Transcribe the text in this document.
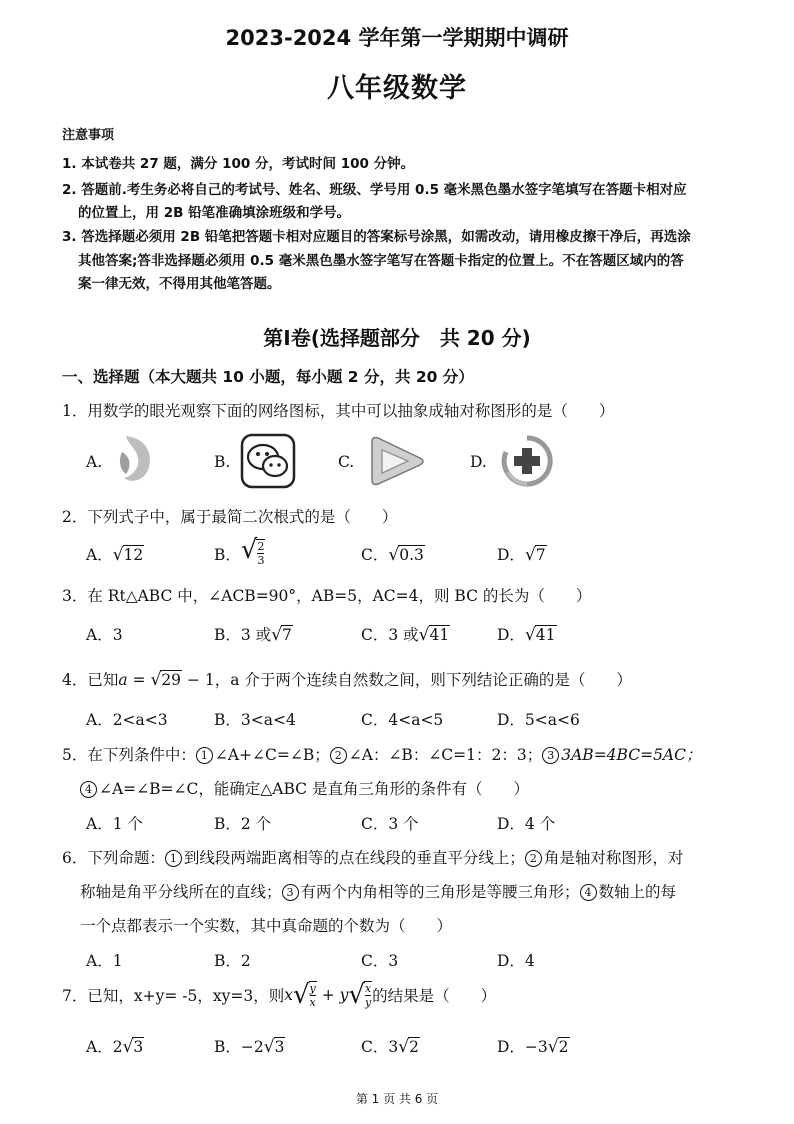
2023-2024 学年第一学期期中调研
八年级数学
注意事项
1. 本试卷共 27 题，满分 100 分，考试时间 100 分钟。
2. 答题前.考生务必将自己的考试号、姓名、班级、学号用 0.5 毫米黑色墨水签字笔填写在答题卡相对应
的位置上，用 2B 铅笔准确填涂班级和学号。
3. 答选择题必须用 2B 铅笔把答题卡相对应题目的答案标号涂黑，如需改动，请用橡皮擦干净后，再选涂
其他答案;答非选择题必须用 0.5 毫米黑色墨水签字笔写在答题卡指定的位置上。不在答题区域内的答
案一律无效，不得用其他笔答题。
第Ⅰ卷(选择题部分　共 20 分)
一、选择题（本大题共 10 小题，每小题 2 分，共 20 分）
1．用数学的眼光观察下面的网络图标，其中可以抽象成轴对称图形的是（　　）
A.	B.	C.	D.
2．下列式子中，属于最简二次根式的是（　　）
A．√12	B．√ $\frac{2}{3}$	C．√0.3	D．√7
3．在 Rt△ABC 中，∠ACB=90°，AB=5，AC=4，则 BC 的长为（　　）
A．3	B．3 或√7	C．3 或√41	D．√41
4．已知a = √29 − 1，a 介于两个连续自然数之间，则下列结论正确的是（　　）
A．2<a<3	B．3<a<4	C．4<a<5	D．5<a<6
5．在下列条件中： 1 ∠A+∠C=∠B； 2 ∠A：∠B：∠C=1：2：3； 3 3AB=4BC=5AC；
4 ∠A=∠B=∠C，能确定△ABC 是直角三角形的条件有（　　）
A．1 个	B．2 个	C．3 个	D．4 个
6．下列命题： 1 到线段两端距离相等的点在线段的垂直平分线上； 2 角是轴对称图形，对
称轴是角平分线所在的直线； 3 有两个内角相等的三角形是等腰三角形； 4 数轴上的每
一个点都表示一个实数，其中真命题的个数为（　　）
A．1	B．2	C．3	D．4
7．已知，x+y= -5，xy=3，则$x√ \frac{y}{x} + y√ \frac{x}{y}$ 的结果是（　　）
A．2√3	B．−2√3	C．3√2	D．−3√2
第 1 页 共 6 页
